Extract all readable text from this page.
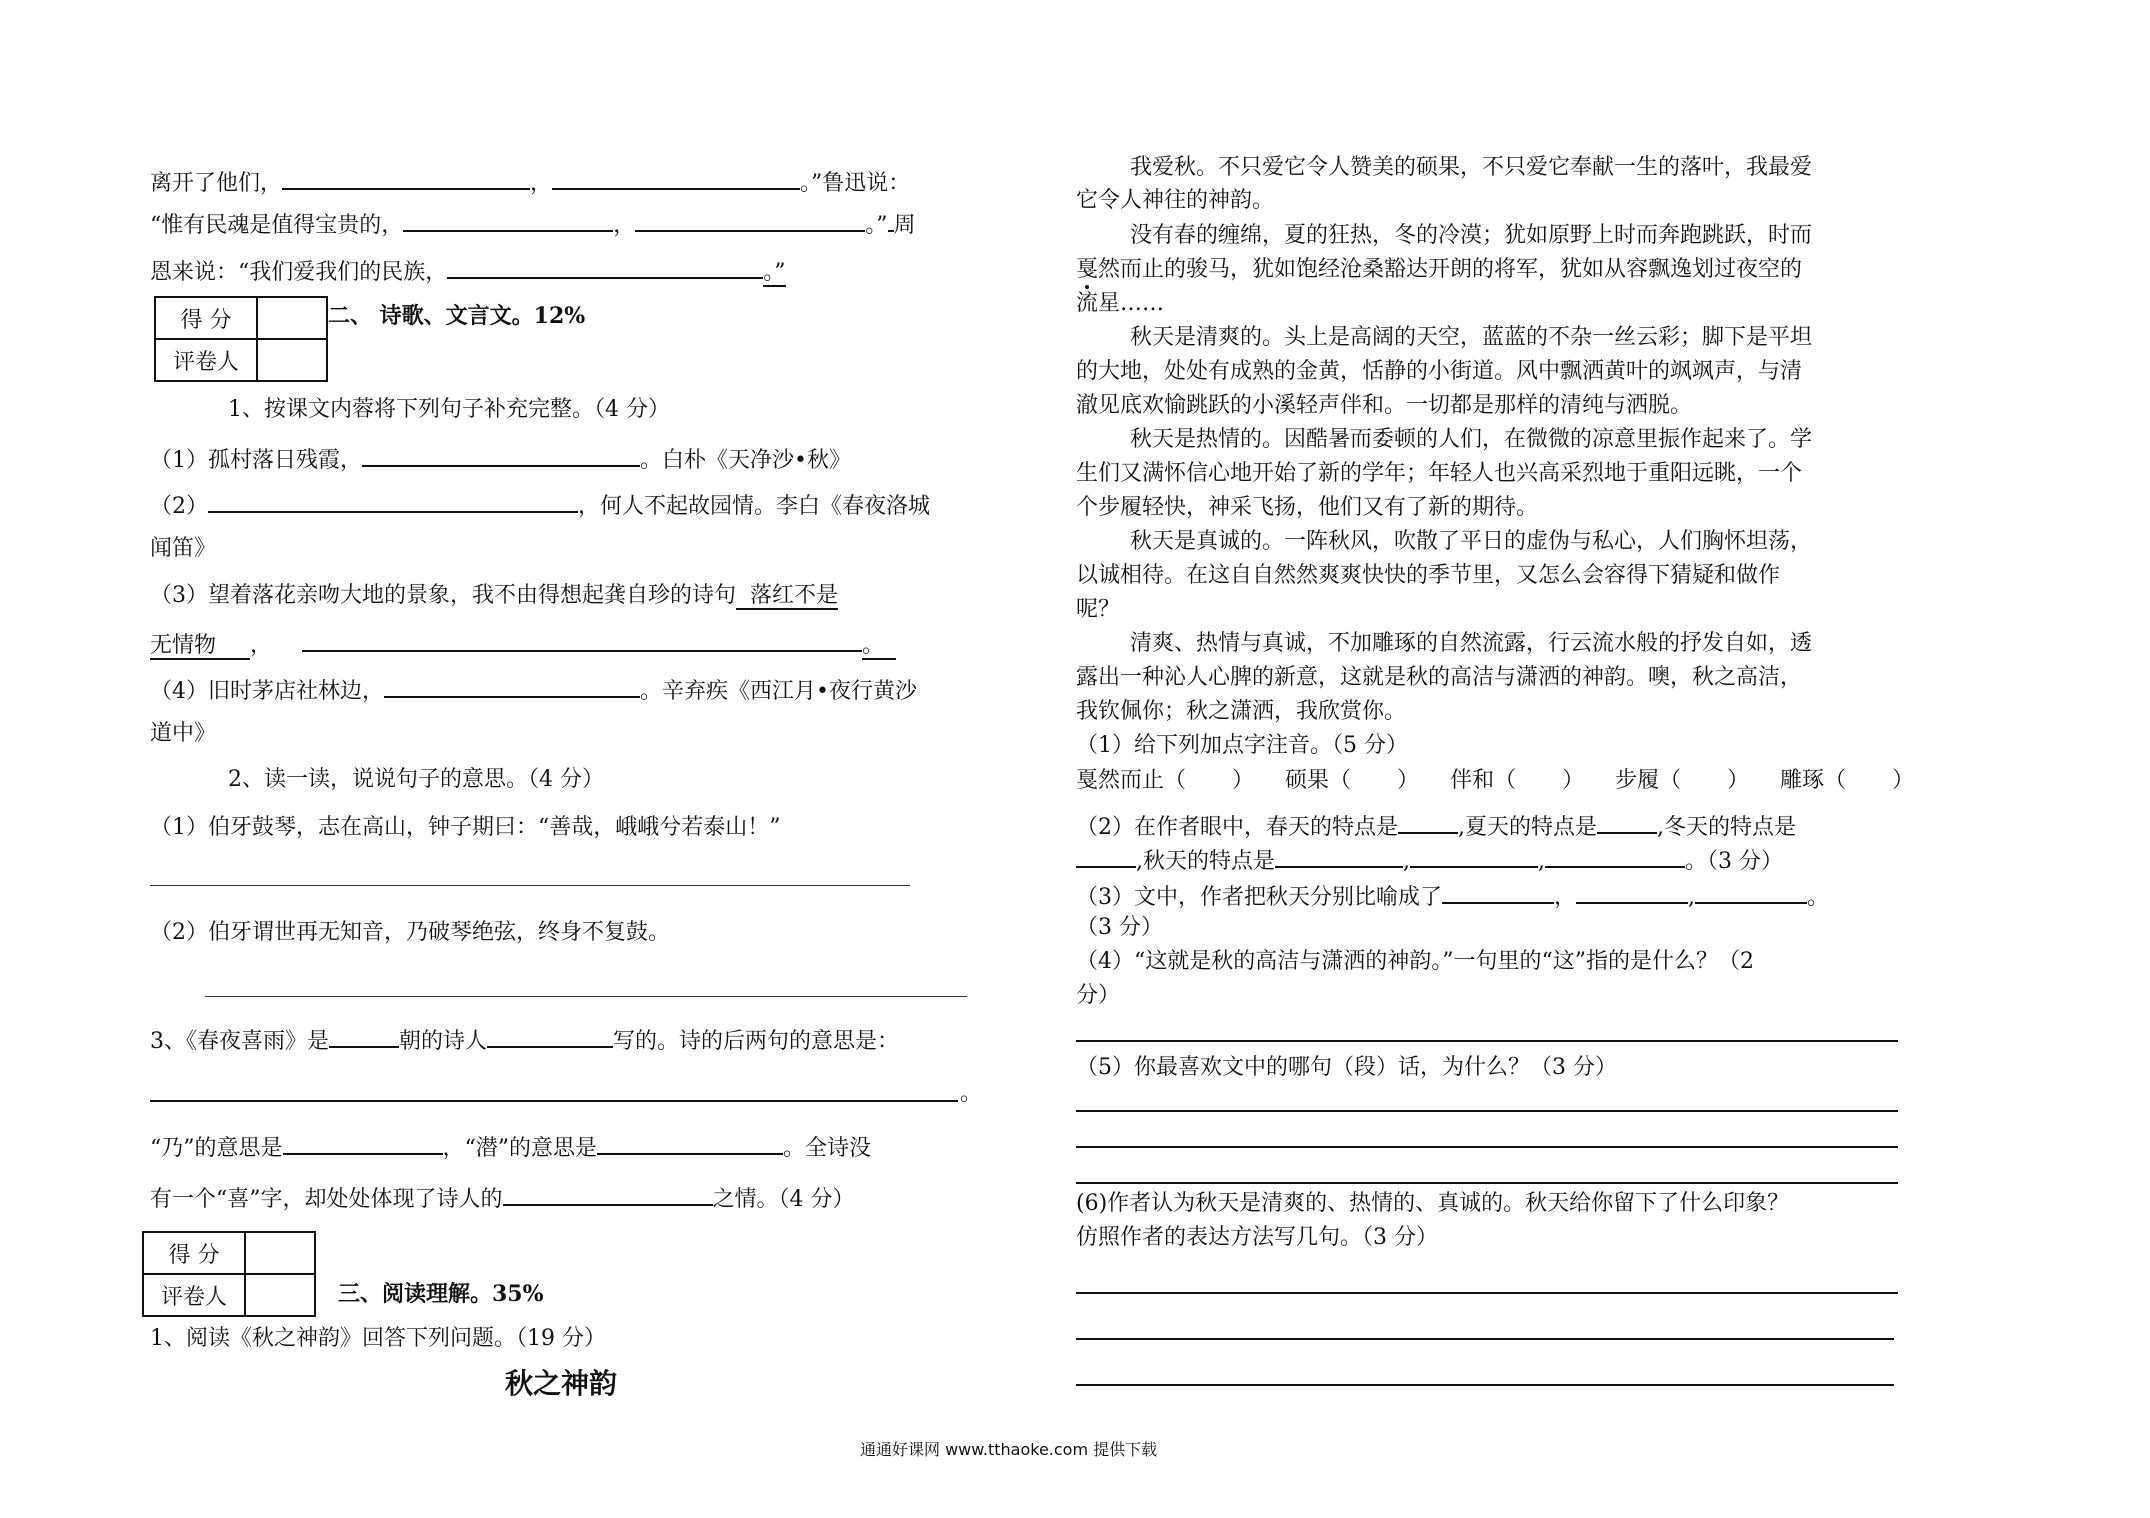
离开了他们，	，	。”鲁迅说：
“惟有民魂是值得宝贵的，	，	。” 周
恩来说：“我们爱我们的民族，	。”
得 分	
评卷人	
二、 诗歌、文言文。12%
1、按课文内蓉将下列句子补充完整。（4 分）
（1）孤村落日残霞，	。白朴《天净沙•秋》
（2）	，何人不起故园情。李白《春夜洛城
闻笛》
（3）望着落花亲吻大地的景象，我不由得想起龚自珍的诗句 落红不是
无情物 ，	。
（4）旧时茅店社林边，	。辛弃疾《西江月•夜行黄沙
道中》
2、读一读，说说句子的意思。（4 分）
（1）伯牙鼓琴，志在高山，钟子期曰：“善哉，峨峨兮若泰山！”
（2）伯牙谓世再无知音，乃破琴绝弦，终身不复鼓。
3、《春夜喜雨》是	朝的诗人	写的。诗的后两句的意思是：
。
“乃”的意思是	，“潜”的意思是	。全诗没
有一个“喜”字，却处处体现了诗人的	之情。（4 分）
得 分	
评卷人		三、阅读理解。35%
1、阅读《秋之神韵》回答下列问题。（19 分）
秋之神韵
我爱秋。不只爱它令人赞美的硕果，不只爱它奉献一生的落叶，我最爱
它令人神往的神韵。
没有春的缠绵，夏的狂热，冬的冷漠；犹如原野上时而奔跑跳跃，时而
戛然而止的骏马，犹如饱经沧桑豁达开朗的将军，犹如从容飘逸划过夜空的
流星……
秋天是清爽的。头上是高阔的天空，蓝蓝的不杂一丝云彩；脚下是平坦
的大地，处处有成熟的金黄，恬静的小街道。风中飘洒黄叶的飒飒声，与清
澈见底欢愉跳跃的小溪轻声伴和。一切都是那样的清纯与洒脱。
秋天是热情的。因酷暑而委顿的人们，在微微的凉意里振作起来了。学
生们又满怀信心地开始了新的学年；年轻人也兴高采烈地于重阳远眺，一个
个步履轻快，神采飞扬，他们又有了新的期待。
秋天是真诚的。一阵秋风，吹散了平日的虚伪与私心，人们胸怀坦荡，
以诚相待。在这自自然然爽爽快快的季节里，又怎么会容得下猜疑和做作
呢？
清爽、热情与真诚，不加雕琢的自然流露，行云流水般的抒发自如，透
露出一种沁人心脾的新意，这就是秋的高洁与潇洒的神韵。噢，秋之高洁，
我钦佩你；秋之潇洒，我欣赏你。
（1）给下列加点字注音。（5 分）
戛然而止（ ） 硕果（ ） 伴和（ ） 步履（ ） 雕琢（ ）
（2）在作者眼中，春天的特点是	,夏天的特点是	,冬天的特点是
,秋天的特点是	,	,	。（3 分）
（3）文中，作者把秋天分别比喻成了	，	,	。
（3 分）
（4）“这就是秋的高洁与潇洒的神韵。”一句里的“这”指的是什么？（2
分）
（5）你最喜欢文中的哪句（段）话，为什么？（3 分）
(6)作者认为秋天是清爽的、热情的、真诚的。秋天给你留下了什么印象？
仿照作者的表达方法写几句。（3 分）
通通好课网 www.tthaoke.com 提供下载
